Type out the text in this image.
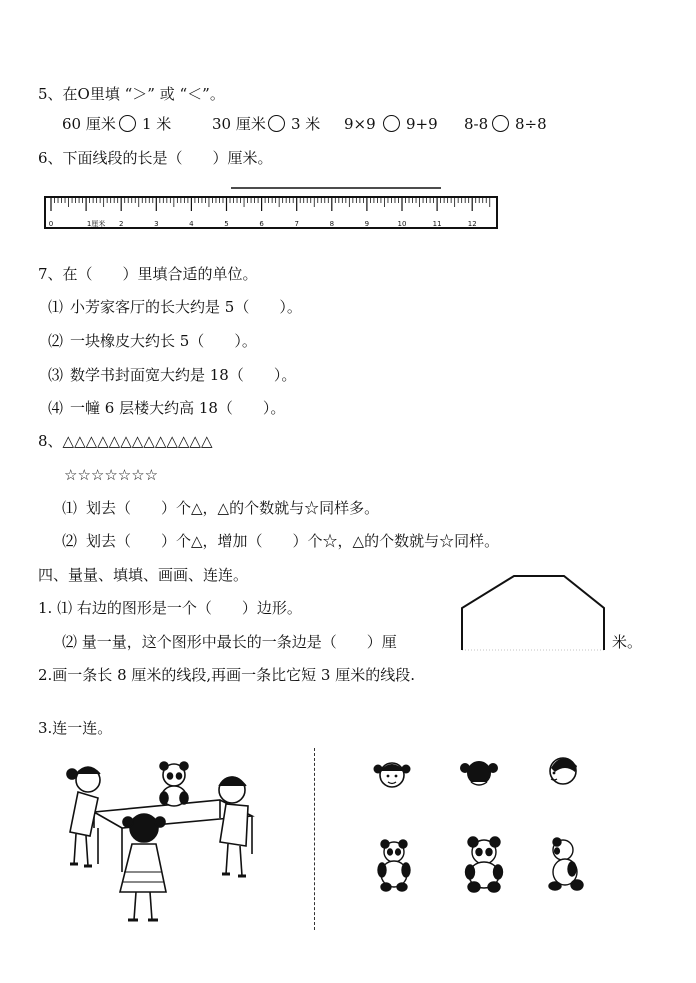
5、在O里填 “＞” 或 “＜”。
60 厘米 1 米	30 厘米 3 米 9×9 9+9 8-8 8÷8
6、下面线段的长是（　　）厘米。
0	1厘米 2	3	4	5	6	7	8	9	10	11	12
7、在（　　）里填合适的单位。
⑴ 小芳家客厅的长大约是 5（　　）。
⑵ 一块橡皮大约长 5（　　）。
⑶ 数学书封面宽大约是 18（　　）。
⑷ 一幢 6 层楼大约高 18（　　）。
8、△△△△△△△△△△△△△
☆☆☆☆☆☆☆
⑴ 划去（　　）个△，△的个数就与☆同样多。
⑵ 划去（　　）个△，增加（　　）个☆，△的个数就与☆同样。
四、量量、填填、画画、连连。
1. ⑴ 右边的图形是一个（　　）边形。
⑵ 量一量，这个图形中最长的一条边是（　　）厘	米。
2.画一条长 8 厘米的线段,再画一条比它短 3 厘米的线段.
3.连一连。
